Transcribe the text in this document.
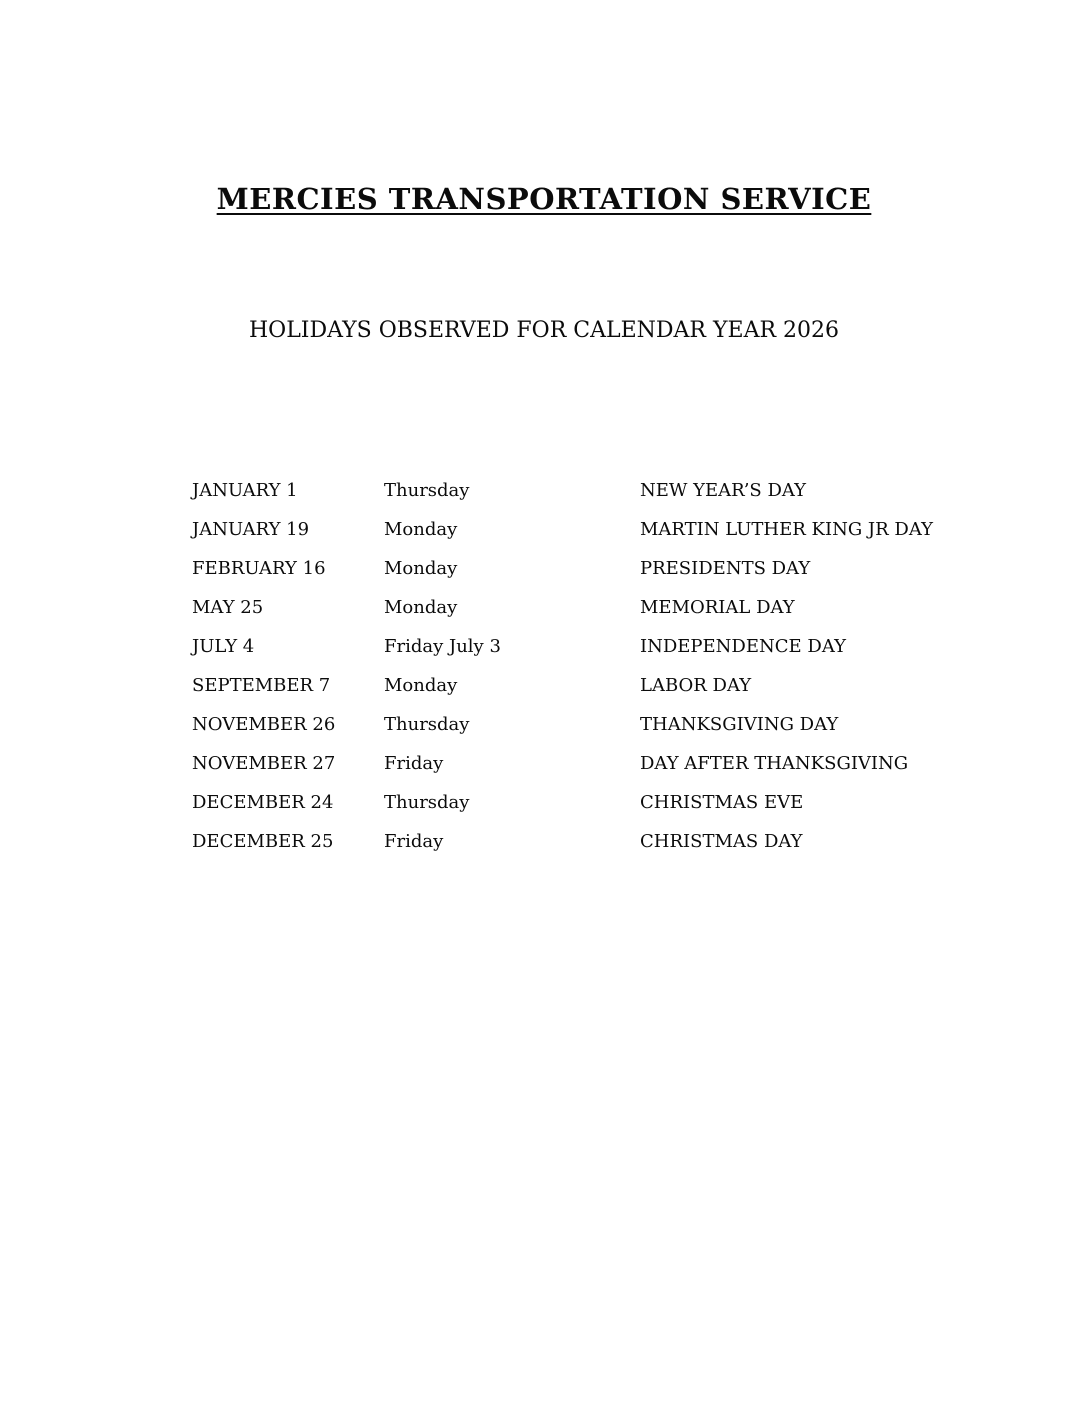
MERCIES TRANSPORTATION SERVICE
HOLIDAYS OBSERVED FOR CALENDAR YEAR 2026
JANUARY 1	Thursday	NEW YEAR’S DAY
JANUARY 19	Monday	MARTIN LUTHER KING JR DAY
FEBRUARY 16	Monday	PRESIDENTS DAY
MAY 25	Monday	MEMORIAL DAY
JULY 4	Friday July 3	INDEPENDENCE DAY
SEPTEMBER 7	Monday	LABOR DAY
NOVEMBER 26	Thursday	THANKSGIVING DAY
NOVEMBER 27	Friday	DAY AFTER THANKSGIVING
DECEMBER 24	Thursday	CHRISTMAS EVE
DECEMBER 25	Friday	CHRISTMAS DAY
